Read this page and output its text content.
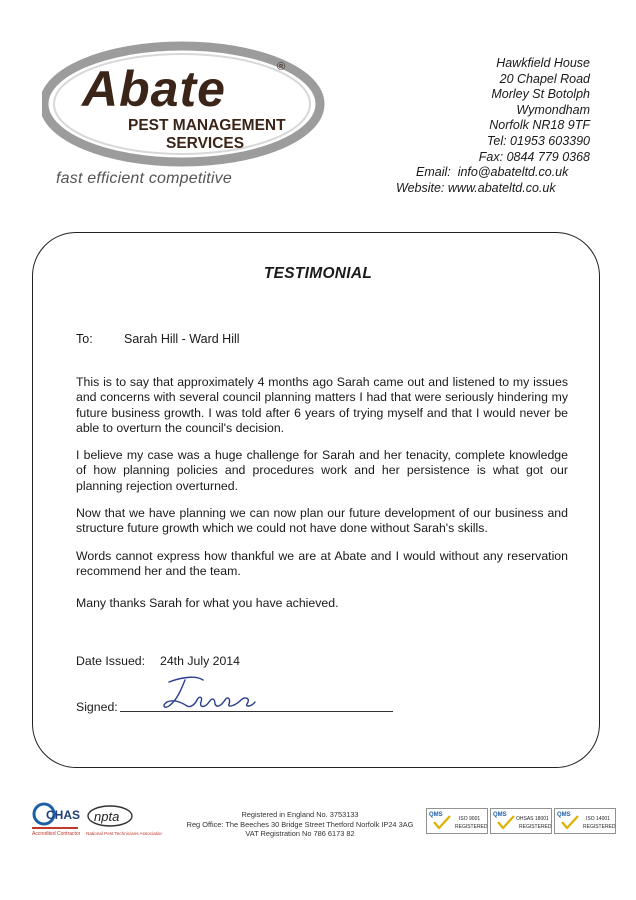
Abate	®
PEST MANAGEMENT
SERVICES
fast efficient competitive
Hawkfield House
20 Chapel Road
Morley St Botolph
Wymondham
Norfolk NR18 9TF
Tel: 01953 603390
Fax: 0844 779 0368
Email: info@abateltd.co.uk
Website: www.abateltd.co.uk
TESTIMONIAL
To:	Sarah Hill - Ward Hill
This is to say that approximately 4 months ago Sarah came out and listened to my issues and concerns with several council planning matters I had that were seriously hindering my future business growth. I was told after 6 years of trying myself and that I would never be able to overturn the council's decision.
I believe my case was a huge challenge for Sarah and her tenacity, complete knowledge of how planning policies and procedures work and her persistence is what got our planning rejection overturned.
Now that we have planning we can now plan our future development of our business and structure future growth which we could not have done without Sarah's skills.
Words cannot express how thankful we are at Abate and I would without any reservation recommend her and the team.
Many thanks Sarah for what you have achieved.
Date Issued: 24th July 2014
Signed:
CHAS
Accredited Contractor
npta
National Pest Technicians Association
Registered in England No. 3753133
Reg Office: The Beeches 30 Bridge Street Thetford Norfolk IP24 3AG
VAT Registration No 786 6173 82
QMS
ISO 9001
REGISTERED
QMS
OHSAS 18001
REGISTERED
QMS
ISO 14001
REGISTERED
